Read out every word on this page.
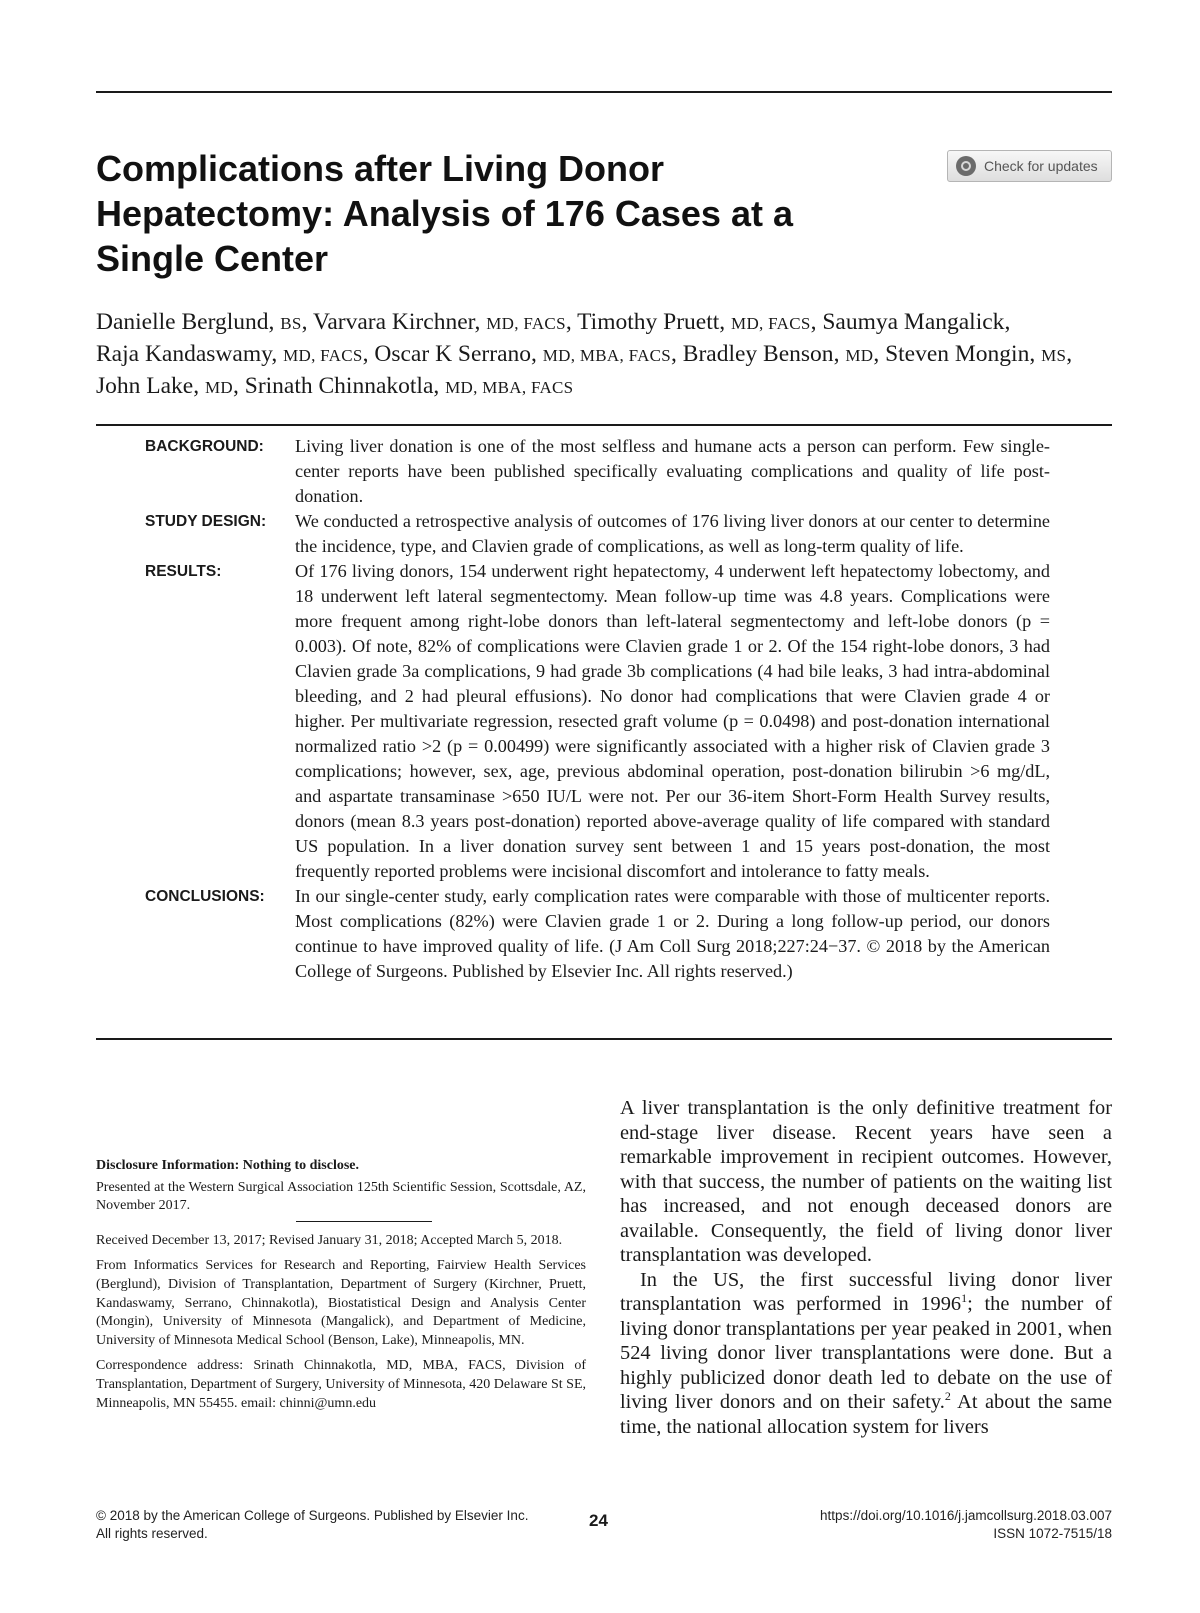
Complications after Living Donor Hepatectomy: Analysis of 176 Cases at a Single Center
Check for updates

Danielle Berglund, BS, Varvara Kirchner, MD, FACS, Timothy Pruett, MD, FACS, Saumya Mangalick,
Raja Kandaswamy, MD, FACS, Oscar K Serrano, MD, MBA, FACS, Bradley Benson, MD, Steven Mongin, MS,
John Lake, MD, Srinath Chinnakotla, MD, MBA, FACS

BACKGROUND:	Living liver donation is one of the most selfless and humane acts a person can perform. Few single-center reports have been published specifically evaluating complications and quality of life post-donation.
STUDY DESIGN:	We conducted a retrospective analysis of outcomes of 176 living liver donors at our center to determine the incidence, type, and Clavien grade of complications, as well as long-term quality of life.
RESULTS:	Of 176 living donors, 154 underwent right hepatectomy, 4 underwent left hepatectomy lobectomy, and 18 underwent left lateral segmentectomy. Mean follow-up time was 4.8 years. Complications were more frequent among right-lobe donors than left-lateral segmentectomy and left-lobe donors (p = 0.003). Of note, 82% of complications were Clavien grade 1 or 2. Of the 154 right-lobe donors, 3 had Clavien grade 3a complications, 9 had grade 3b complications (4 had bile leaks, 3 had intra-abdominal bleeding, and 2 had pleural effusions). No donor had complications that were Clavien grade 4 or higher. Per multivariate regression, resected graft volume (p = 0.0498) and post-donation international normalized ratio >2 (p = 0.00499) were significantly associated with a higher risk of Clavien grade 3 complications; however, sex, age, previous abdominal operation, post-donation bilirubin >6 mg/dL, and aspartate transaminase >650 IU/L were not. Per our 36-item Short-Form Health Survey results, donors (mean 8.3 years post-donation) reported above-average quality of life compared with standard US population. In a liver donation survey sent between 1 and 15 years post-donation, the most frequently reported problems were incisional discomfort and intolerance to fatty meals.
CONCLUSIONS:	In our single-center study, early complication rates were comparable with those of multicenter reports. Most complications (82%) were Clavien grade 1 or 2. During a long follow-up period, our donors continue to have improved quality of life. (J Am Coll Surg 2018;227:24−37. © 2018 by the American College of Surgeons. Published by Elsevier Inc. All rights reserved.)

Disclosure Information: Nothing to disclose.

Presented at the Western Surgical Association 125th Scientific Session, Scottsdale, AZ, November 2017.

Received December 13, 2017; Revised January 31, 2018; Accepted March 5, 2018.

From Informatics Services for Research and Reporting, Fairview Health Services (Berglund), Division of Transplantation, Department of Surgery (Kirchner, Pruett, Kandaswamy, Serrano, Chinnakotla), Biostatistical Design and Analysis Center (Mongin), University of Minnesota (Mangalick), and Department of Medicine, University of Minnesota Medical School (Benson, Lake), Minneapolis, MN.

Correspondence address: Srinath Chinnakotla, MD, MBA, FACS, Division of Transplantation, Department of Surgery, University of Minnesota, 420 Delaware St SE, Minneapolis, MN 55455. email: chinni@umn.edu

A liver transplantation is the only definitive treatment for end-stage liver disease. Recent years have seen a remarkable improvement in recipient outcomes. However, with that success, the number of patients on the waiting list has increased, and not enough deceased donors are available. Consequently, the field of living donor liver transplantation was developed.

In the US, the first successful living donor liver transplantation was performed in 1996$^1$; the number of living donor transplantations per year peaked in 2001, when 524 living donor liver transplantations were done. But a highly publicized donor death led to debate on the use of living liver donors and on their safety.$^2$ At about the same time, the national allocation system for livers

© 2018 by the American College of Surgeons. Published by Elsevier Inc.
All rights reserved.
24	https://doi.org/10.1016/j.jamcollsurg.2018.03.007
ISSN 1072-7515/18
